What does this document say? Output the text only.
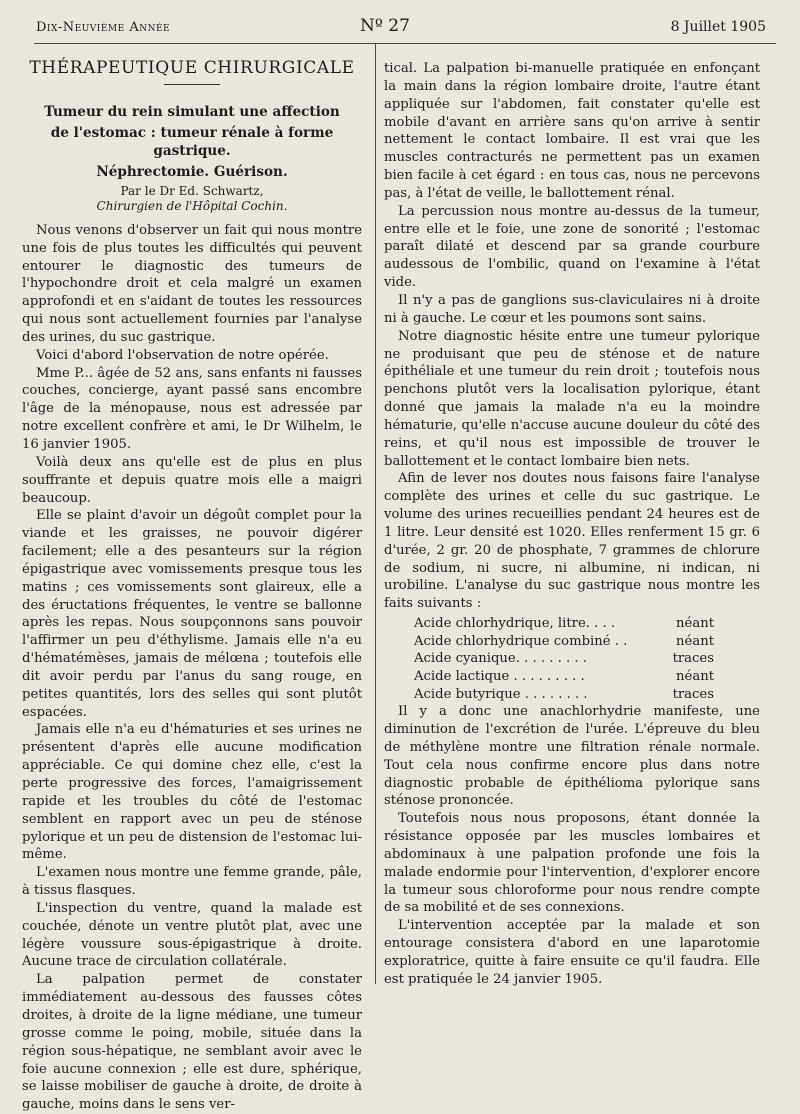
Dix-Neuvième Année	Nº 27	8 Juillet 1905
THÉRAPEUTIQUE CHIRURGICALE
Tumeur du rein simulant une affection
de l'estomac : tumeur rénale à forme gastrique.
Néphrectomie. Guérison.
Par le Dr Ed. Schwartz,
Chirurgien de l'Hôpital Cochin.

Nous venons d'observer un fait qui nous montre une fois de plus toutes les difficultés qui peuvent entourer le diagnostic des tumeurs de l'hypochondre droit et cela malgré un examen approfondi et en s'aidant de toutes les ressources qui nous sont actuellement fournies par l'analyse des urines, du suc gastrique.

Voici d'abord l'observation de notre opérée.

Mme P... âgée de 52 ans, sans enfants ni fausses couches, concierge, ayant passé sans encombre l'âge de la ménopause, nous est adressée par notre excellent confrère et ami, le Dr Wilhelm, le 16 janvier 1905.

Voilà deux ans qu'elle est de plus en plus souffrante et depuis quatre mois elle a maigri beaucoup.

Elle se plaint d'avoir un dégoût complet pour la viande et les graisses, ne pouvoir digérer facilement; elle a des pesanteurs sur la région épigastrique avec vomissements presque tous les matins ; ces vomissements sont glaireux, elle a des éructations fréquentes, le ventre se ballonne après les repas. Nous soupçonnons sans pouvoir l'affirmer un peu d'éthylisme. Jamais elle n'a eu d'hématémèses, jamais de mélœna ; toutefois elle dit avoir perdu par l'anus du sang rouge, en petites quantités, lors des selles qui sont plutôt espacées.

Jamais elle n'a eu d'hématuries et ses urines ne présentent d'après elle aucune modification appréciable. Ce qui domine chez elle, c'est la perte progressive des forces, l'amaigrissement rapide et les troubles du côté de l'estomac semblent en rapport avec un peu de sténose pylorique et un peu de distension de l'estomac lui-même.

L'examen nous montre une femme grande, pâle, à tissus flasques.

L'inspection du ventre, quand la malade est couchée, dénote un ventre plutôt plat, avec une légère voussure sous-épigastrique à droite. Aucune trace de circulation collatérale.

La palpation permet de constater immédiatement au-dessous des fausses côtes droites, à droite de la ligne médiane, une tumeur grosse comme le poing, mobile, située dans la région sous-hépatique, ne semblant avoir avec le foie aucune connexion ; elle est dure, sphérique, se laisse mobiliser de gauche à droite, de droite à gauche, moins dans le sens ver-

tical. La palpation bi-manuelle pratiquée en enfonçant la main dans la région lombaire droite, l'autre étant appliquée sur l'abdomen, fait constater qu'elle est mobile d'avant en arrière sans qu'on arrive à sentir nettement le contact lombaire. Il est vrai que les muscles contracturés ne permettent pas un examen bien facile à cet égard : en tous cas, nous ne percevons pas, à l'état de veille, le ballottement rénal.

La percussion nous montre au-dessus de la tumeur, entre elle et le foie, une zone de sonorité ; l'estomac paraît dilaté et descend par sa grande courbure audessous de l'ombilic, quand on l'examine à l'état vide.

Il n'y a pas de ganglions sus-claviculaires ni à droite ni à gauche. Le cœur et les poumons sont sains.

Notre diagnostic hésite entre une tumeur pylorique ne produisant que peu de sténose et de nature épithéliale et une tumeur du rein droit ; toutefois nous penchons plutôt vers la localisation pylorique, étant donné que jamais la malade n'a eu la moindre hématurie, qu'elle n'accuse aucune douleur du côté des reins, et qu'il nous est impossible de trouver le ballottement et le contact lombaire bien nets.

Afin de lever nos doutes nous faisons faire l'analyse complète des urines et celle du suc gastrique. Le volume des urines recueillies pendant 24 heures est de 1 litre. Leur densité est 1020. Elles renferment 15 gr. 6 d'urée, 2 gr. 20 de phosphate, 7 grammes de chlorure de sodium, ni sucre, ni albumine, ni indican, ni urobiline. L'analyse du suc gastrique nous montre les faits suivants :

Acide chlorhydrique, litre. . . .	néant
Acide chlorhydrique combiné . .	néant
Acide cyanique. . . . . . . . .	traces
Acide lactique . . . . . . . . .	néant
Acide butyrique . . . . . . . .	traces

Il y a donc une anachlorhydrie manifeste, une diminution de l'excrétion de l'urée. L'épreuve du bleu de méthylène montre une filtration rénale normale. Tout cela nous confirme encore plus dans notre diagnostic probable de épithélioma pylorique sans sténose prononcée.

Toutefois nous nous proposons, étant donnée la résistance opposée par les muscles lombaires et abdominaux à une palpation profonde une fois la malade endormie pour l'intervention, d'explorer encore la tumeur sous chloroforme pour nous rendre compte de sa mobilité et de ses connexions.

L'intervention acceptée par la malade et son entourage consistera d'abord en une laparotomie exploratrice, quitte à faire ensuite ce qu'il faudra. Elle est pratiquée le 24 janvier 1905.
